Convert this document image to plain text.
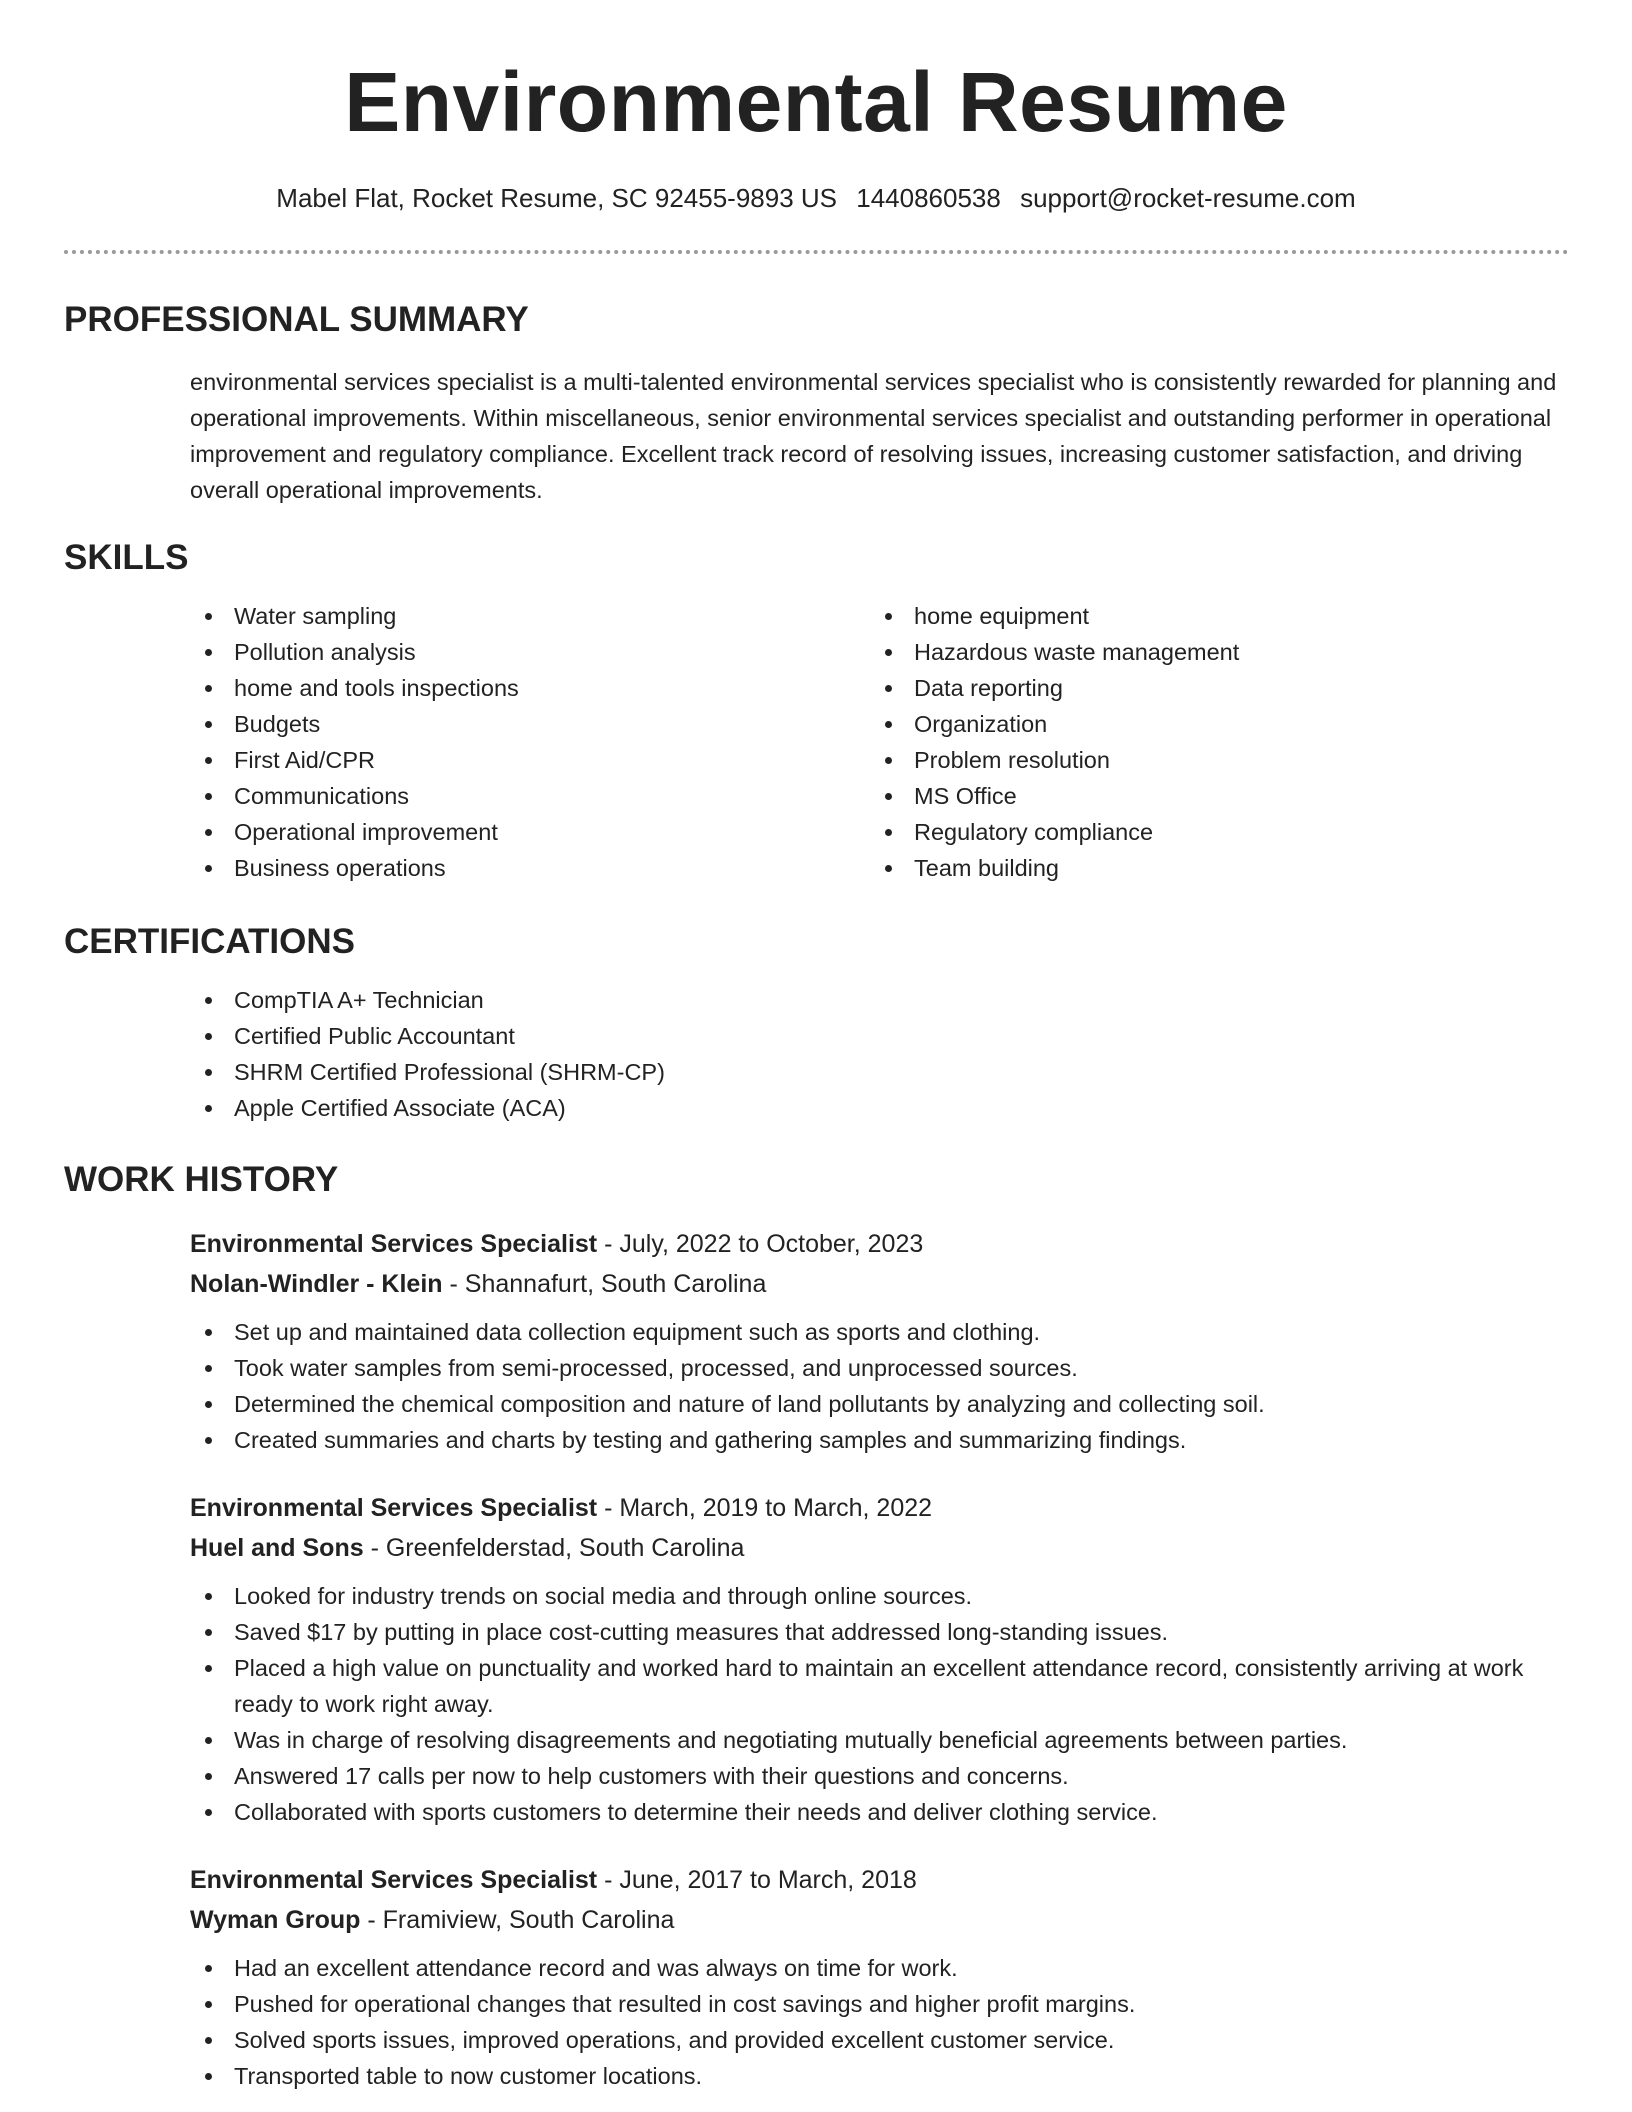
Environmental Resume
Mabel Flat, Rocket Resume, SC 92455-9893 US 1440860538 support@rocket-resume.com
PROFESSIONAL SUMMARY
environmental services specialist is a multi-talented environmental services specialist who is consistently rewarded for planning and operational improvements. Within miscellaneous, senior environmental services specialist and outstanding performer in operational improvement and regulatory compliance. Excellent track record of resolving issues, increasing customer satisfaction, and driving overall operational improvements.
SKILLS
Water sampling
Pollution analysis
home and tools inspections
Budgets
First Aid/CPR
Communications
Operational improvement
Business operations
home equipment
Hazardous waste management
Data reporting
Organization
Problem resolution
MS Office
Regulatory compliance
Team building
CERTIFICATIONS
CompTIA A+ Technician
Certified Public Accountant
SHRM Certified Professional (SHRM-CP)
Apple Certified Associate (ACA)
WORK HISTORY
Environmental Services Specialist - July, 2022 to October, 2023
Nolan-Windler - Klein - Shannafurt, South Carolina
Set up and maintained data collection equipment such as sports and clothing.
Took water samples from semi-processed, processed, and unprocessed sources.
Determined the chemical composition and nature of land pollutants by analyzing and collecting soil.
Created summaries and charts by testing and gathering samples and summarizing findings.
Environmental Services Specialist - March, 2019 to March, 2022
Huel and Sons - Greenfelderstad, South Carolina
Looked for industry trends on social media and through online sources.
Saved $17 by putting in place cost-cutting measures that addressed long-standing issues.
Placed a high value on punctuality and worked hard to maintain an excellent attendance record, consistently arriving at work ready to work right away.
Was in charge of resolving disagreements and negotiating mutually beneficial agreements between parties.
Answered 17 calls per now to help customers with their questions and concerns.
Collaborated with sports customers to determine their needs and deliver clothing service.
Environmental Services Specialist - June, 2017 to March, 2018
Wyman Group - Framiview, South Carolina
Had an excellent attendance record and was always on time for work.
Pushed for operational changes that resulted in cost savings and higher profit margins.
Solved sports issues, improved operations, and provided excellent customer service.
Transported table to now customer locations.
